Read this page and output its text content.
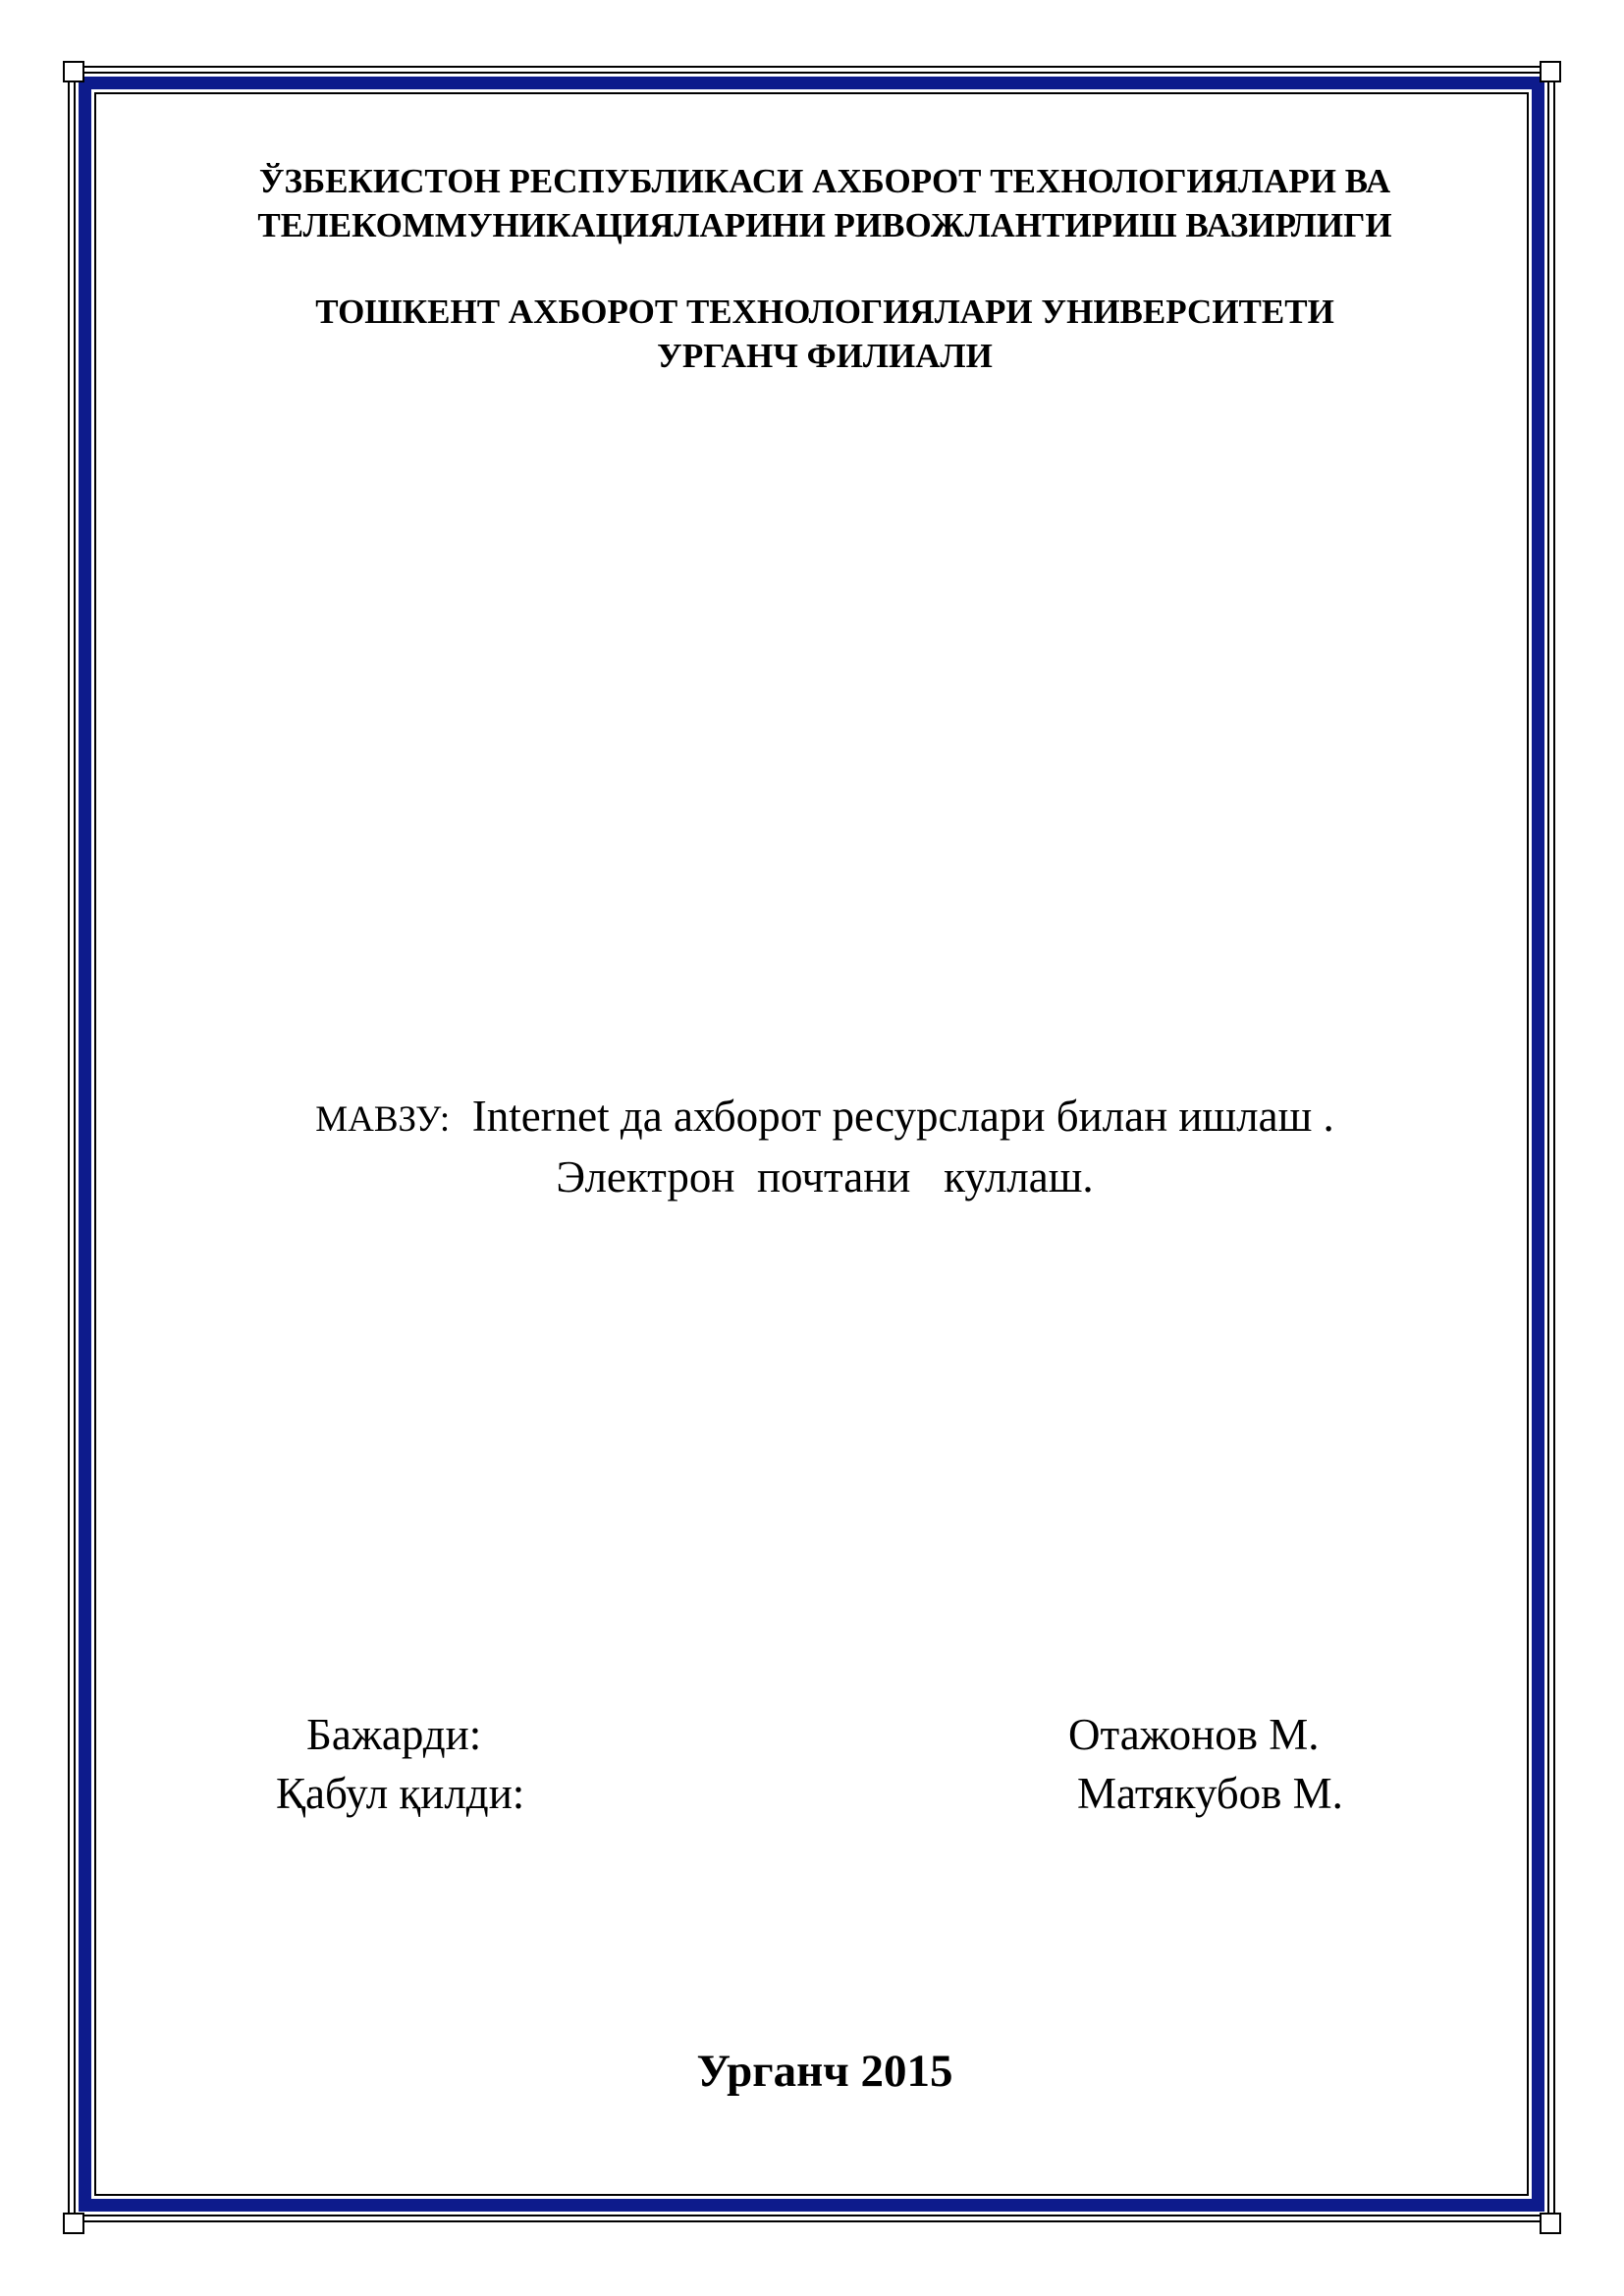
ЎЗБЕКИСТОН РЕСПУБЛИКАСИ АХБОРОТ ТЕХНОЛОГИЯЛАРИ ВА
ТЕЛЕКОММУНИКАЦИЯЛАРИНИ РИВОЖЛАНТИРИШ ВАЗИРЛИГИ
ТОШКЕНТ АХБОРОТ ТЕХНОЛОГИЯЛАРИ УНИВЕРСИТЕТИ
УРГАНЧ ФИЛИАЛИ
МАВЗУ: Internet да ахборот ресурслари билан ишлаш .
Электрон  почтани   куллаш.
Бажарди:	Отажонов М.
Қабул қилди:	Матякубов М.
Урганч 2015
